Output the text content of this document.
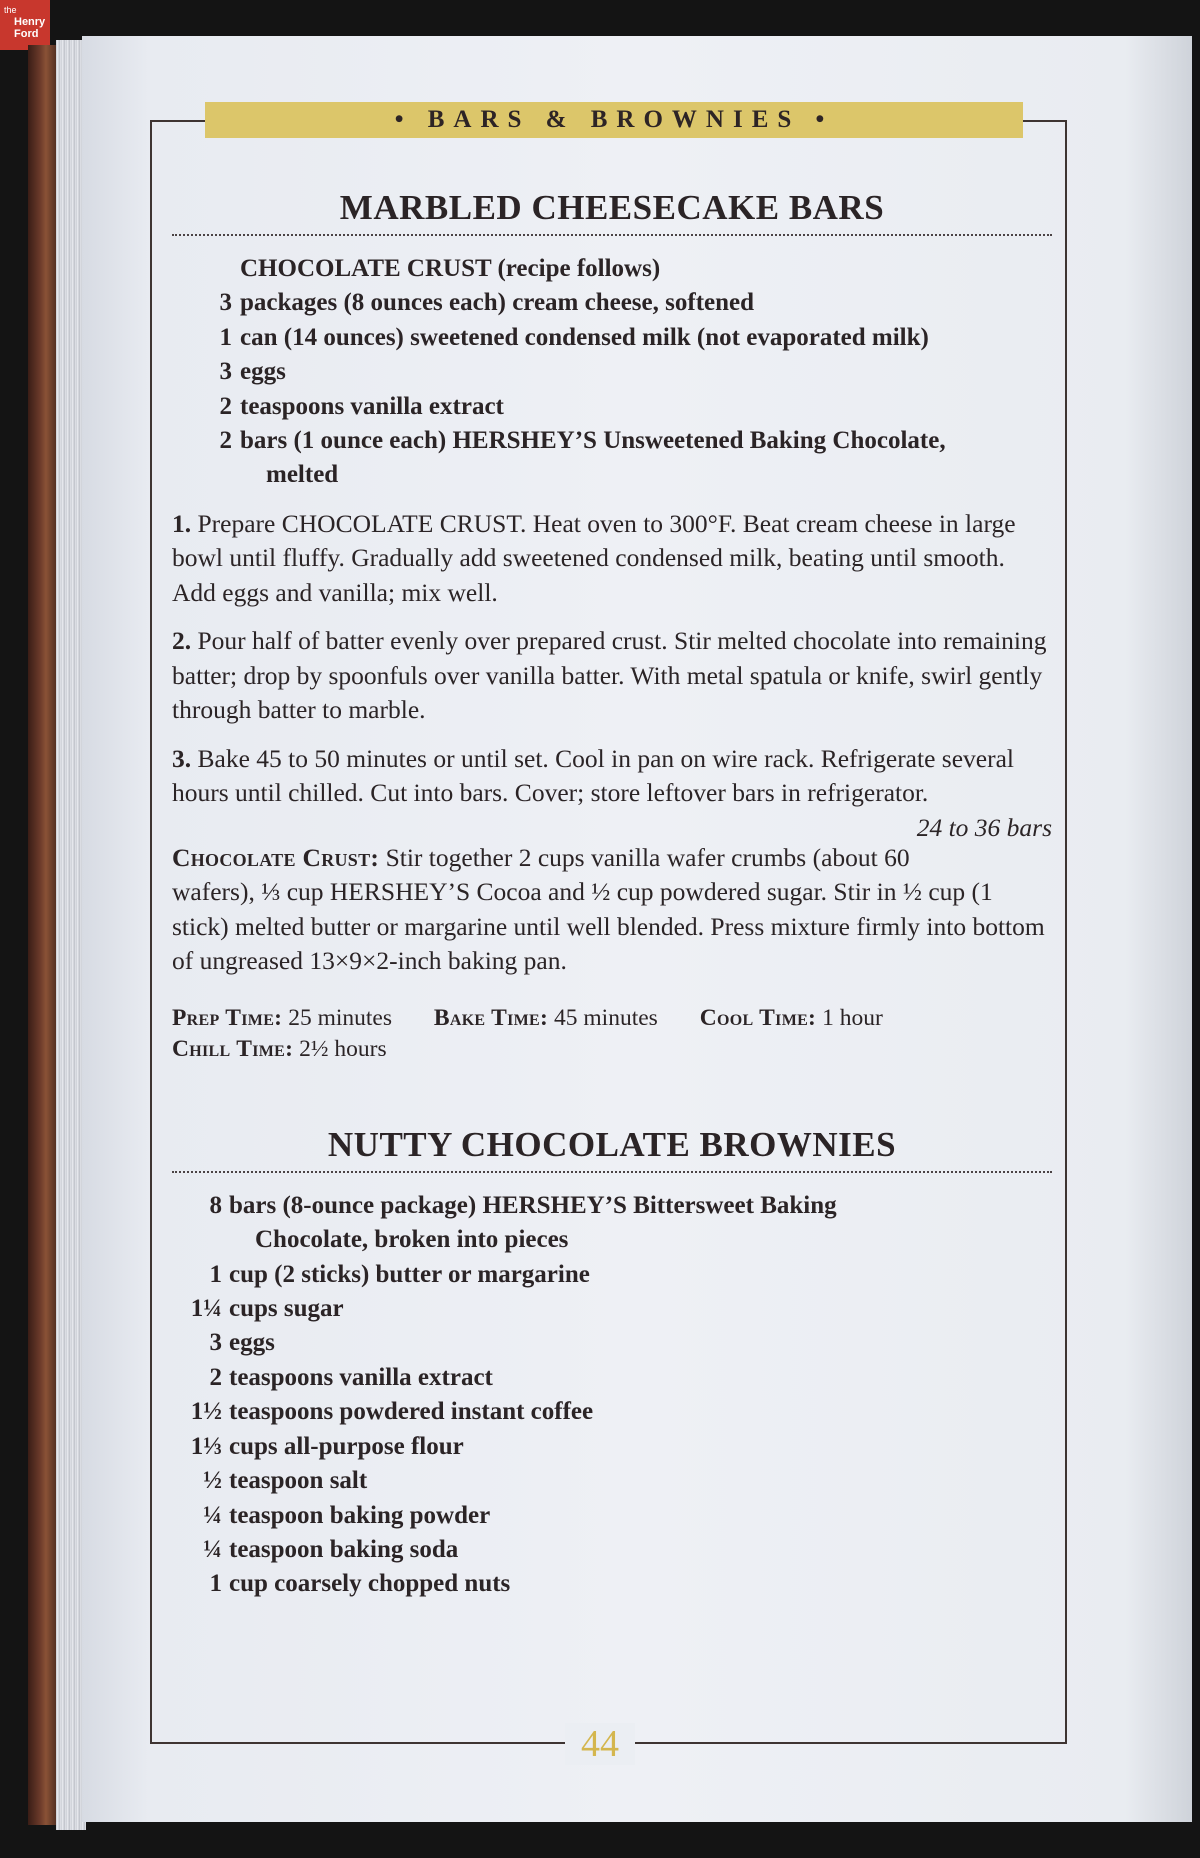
the
Henry
Ford
• BARS & BROWNIES •
MARBLED CHEESECAKE BARS
CHOCOLATE CRUST (recipe follows)
3 packages (8 ounces each) cream cheese, softened
1 can (14 ounces) sweetened condensed milk (not evaporated milk)
3 eggs
2 teaspoons vanilla extract
2 bars (1 ounce each) HERSHEY’S Unsweetened Baking Chocolate,
melted

1. Prepare CHOCOLATE CRUST. Heat oven to 300°F. Beat cream cheese in large bowl until fluffy. Gradually add sweetened condensed milk, beating until smooth. Add eggs and vanilla; mix well.

2. Pour half of batter evenly over prepared crust. Stir melted chocolate into remaining batter; drop by spoonfuls over vanilla batter. With metal spatula or knife, swirl gently through batter to marble.

3. Bake 45 to 50 minutes or until set. Cool in pan on wire rack. Refrigerate several hours until chilled. Cut into bars. Cover; store leftover bars in refrigerator.
24 to 36 bars

Chocolate Crust: Stir together 2 cups vanilla wafer crumbs (about 60 wafers), ⅓ cup HERSHEY’S Cocoa and ½ cup powdered sugar. Stir in ½ cup (1 stick) melted butter or margarine until well blended. Press mixture firmly into bottom of ungreased 13×9×2-inch baking pan.

Prep Time: 25 minutes Bake Time: 45 minutes Cool Time: 1 hour
Chill Time: 2½ hours
NUTTY CHOCOLATE BROWNIES
8 bars (8-ounce package) HERSHEY’S Bittersweet Baking
Chocolate, broken into pieces
1 cup (2 sticks) butter or margarine
1¼ cups sugar
3 eggs
2 teaspoons vanilla extract
1½ teaspoons powdered instant coffee
1⅓ cups all-purpose flour
½ teaspoon salt
¼ teaspoon baking powder
¼ teaspoon baking soda
1 cup coarsely chopped nuts
44
